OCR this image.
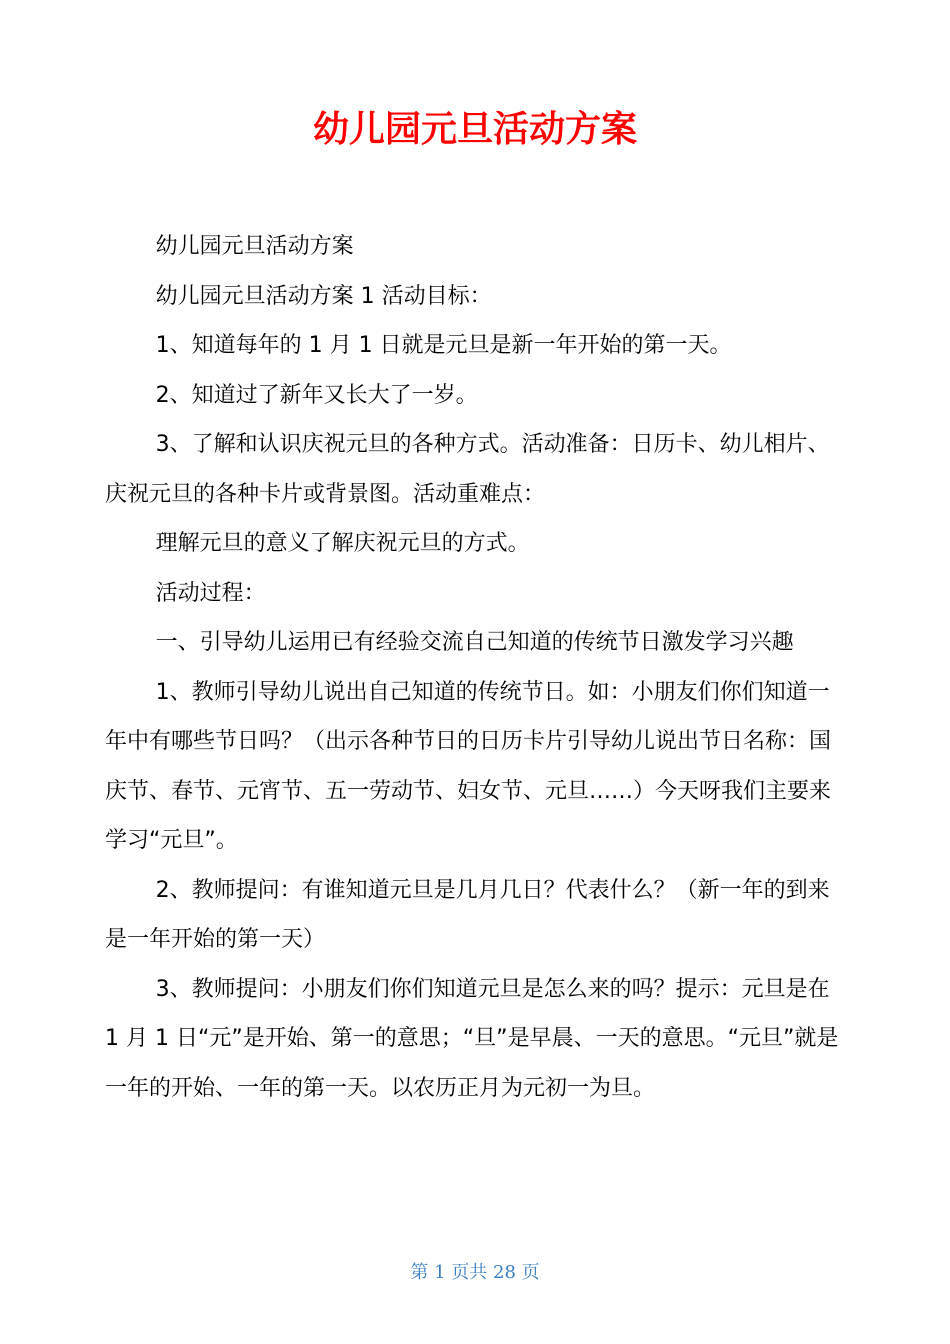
幼儿园元旦活动方案

幼儿园元旦活动方案

幼儿园元旦活动方案 1 活动目标：

1、知道每年的 1 月 1 日就是元旦是新一年开始的第一天。

2、知道过了新年又长大了一岁。

3、了解和认识庆祝元旦的各种方式。活动准备：日历卡、幼儿相片、庆祝元旦的各种卡片或背景图。活动重难点：

理解元旦的意义了解庆祝元旦的方式。

活动过程：

一、引导幼儿运用已有经验交流自己知道的传统节日激发学习兴趣

1、教师引导幼儿说出自己知道的传统节日。如：小朋友们你们知道一年中有哪些节日吗？（出示各种节日的日历卡片引导幼儿说出节日名称：国庆节、春节、元宵节、五一劳动节、妇女节、元旦……）今天呀我们主要来学习“元旦”。

2、教师提问：有谁知道元旦是几月几日？代表什么？（新一年的到来是一年开始的第一天）

3、教师提问：小朋友们你们知道元旦是怎么来的吗？提示：元旦是在 1 月 1 日“元”是开始、第一的意思；“旦”是早晨、一天的意思。“元旦”就是一年的开始、一年的第一天。以农历正月为元初一为旦。

第 1 页共 28 页
